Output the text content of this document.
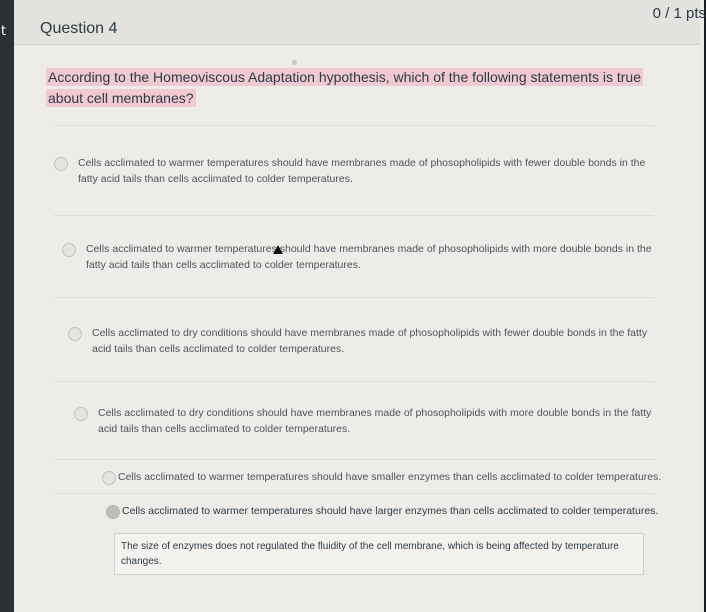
t Question 4
0 / 1 pts
According to the Homeoviscous Adaptation hypothesis, which of the following statements is true about cell membranes?
Cells acclimated to warmer temperatures should have membranes made of phosopholipids with fewer double bonds in the fatty acid tails than cells acclimated to colder temperatures.
Cells acclimated to warmer temperatures should have membranes made of phosopholipids with more double bonds in the fatty acid tails than cells acclimated to colder temperatures.
Cells acclimated to dry conditions should have membranes made of phosopholipids with fewer double bonds in the fatty acid tails than cells acclimated to colder temperatures.
Cells acclimated to dry conditions should have membranes made of phosopholipids with more double bonds in the fatty acid tails than cells acclimated to colder temperatures.
Cells acclimated to warmer temperatures should have smaller enzymes than cells acclimated to colder temperatures.
Cells acclimated to warmer temperatures should have larger enzymes than cells acclimated to colder temperatures.
The size of enzymes does not regulated the fluidity of the cell membrane, which is being affected by temperature changes.
